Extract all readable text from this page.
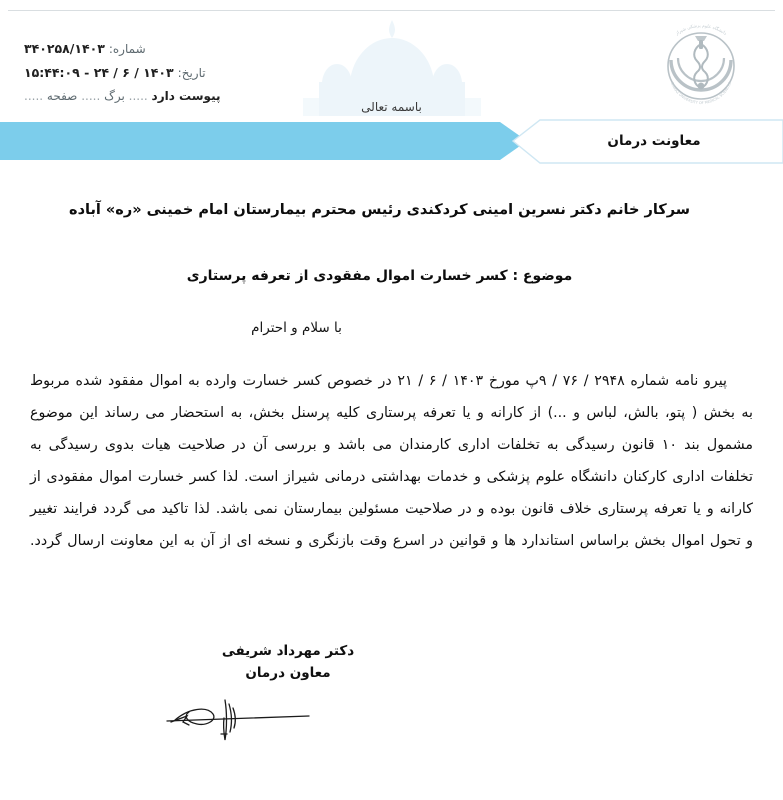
دانشگاه علوم پزشکی شیراز
SHIRAZ UNIVERSITY OF MEDICAL SCIENCES
شماره: ۳۴۰۲۵۸/۱۴۰۳
تاریخ: ۱۴۰۳ / ۶ / ۲۴ - ۱۵:۴۴:۰۹
پیوست دارد ..... برگ ..... صفحه .....
باسمه تعالی
معاونت درمان
سرکار خانم دکتر نسرین امینی کردکندی رئیس محترم بیمارستان امام خمینی «ره» آباده
موضوع : کسر خسارت اموال مفقودی از تعرفه پرستاری
با سلام و احترام
پیرو نامه شماره ۲۹۴۸ / ۷۶ / ۹پ مورخ ۱۴۰۳ / ۶ / ۲۱ در خصوص کسر خسارت وارده به اموال مفقود شده مربوط به بخش ( پتو، بالش، لباس و ...) از کارانه و یا تعرفه پرستاری کلیه پرسنل بخش، به استحضار می رساند این موضوع مشمول بند ۱۰ قانون رسیدگی به تخلفات اداری کارمندان می باشد و بررسی آن در صلاحیت هیات بدوی رسیدگی به تخلفات اداری کارکنان دانشگاه علوم پزشکی و خدمات بهداشتی درمانی شیراز است. لذا کسر خسارت اموال مفقودی از کارانه و یا تعرفه پرستاری خلاف قانون بوده و در صلاحیت مسئولین بیمارستان نمی باشد. لذا تاکید می گردد فرایند تغییر و تحول اموال بخش براساس استاندارد ها و قوانین در اسرع وقت بازنگری و نسخه ای از آن به این معاونت ارسال گردد.
دکتر مهرداد شریفی
معاون درمان
